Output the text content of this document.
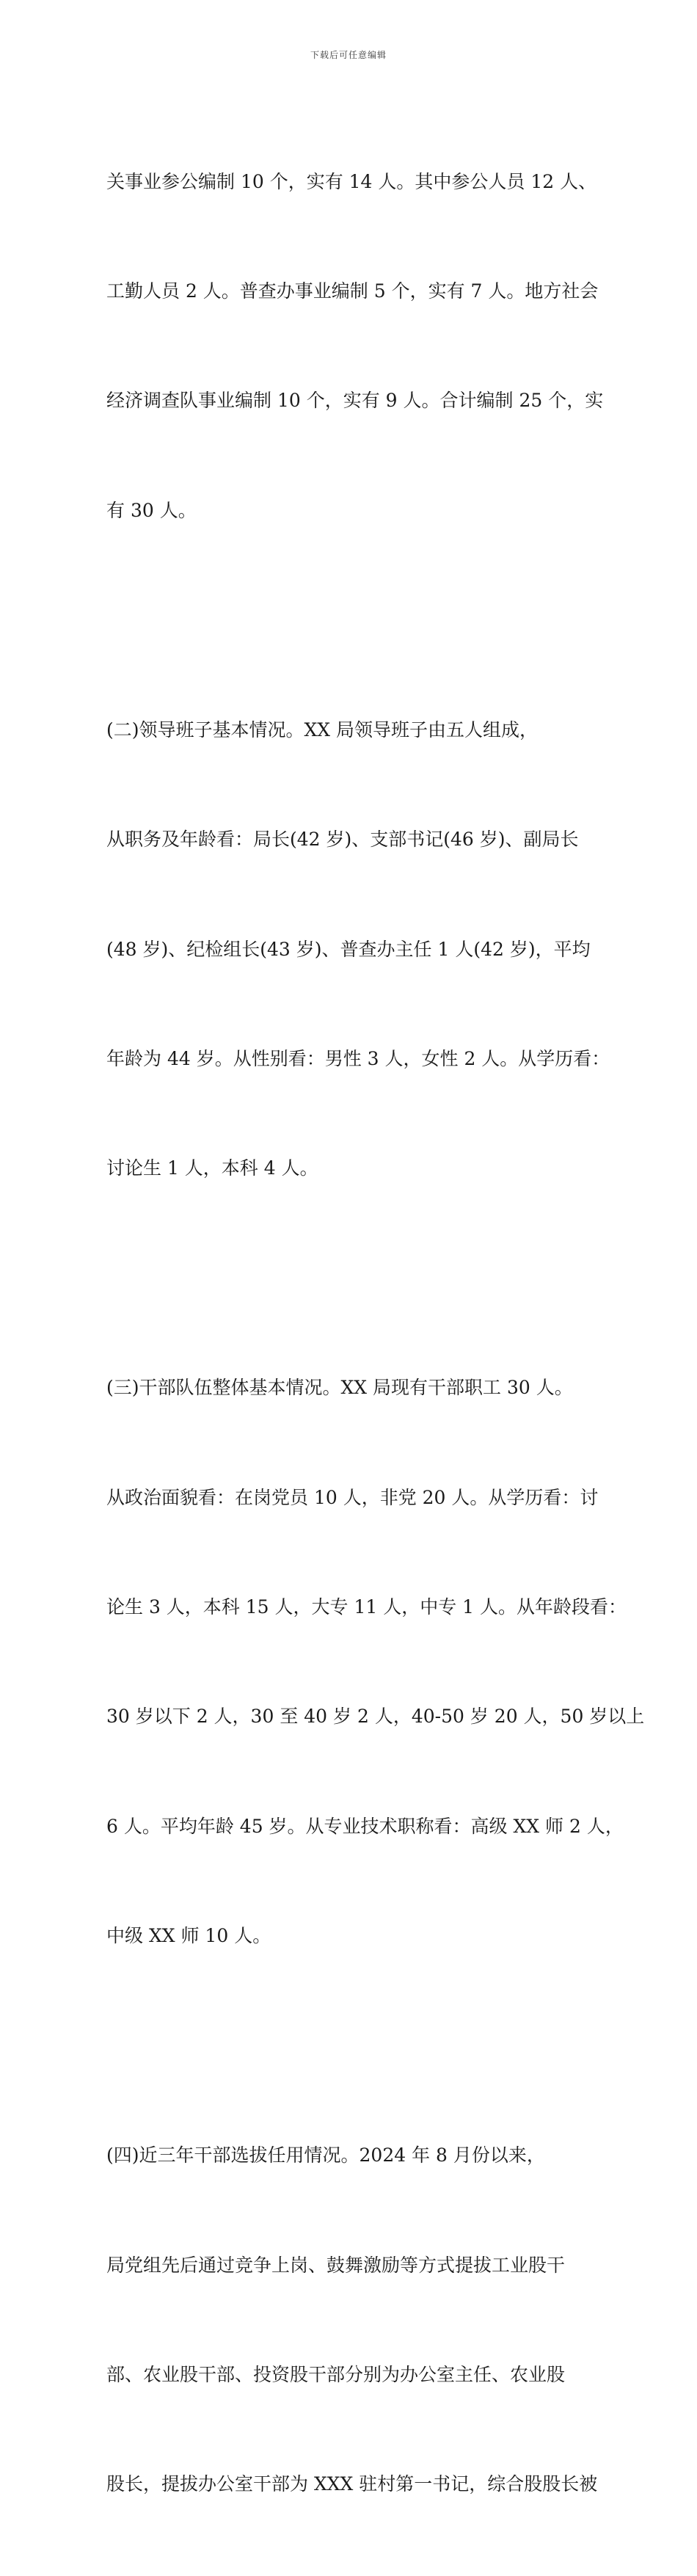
下载后可任意编辑

关事业参公编制 10 个，实有 14 人。其中参公人员 12 人、

工勤人员 2 人。普查办事业编制 5 个，实有 7 人。地方社会

经济调查队事业编制 10 个，实有 9 人。合计编制 25 个，实

有 30 人。

(二)领导班子基本情况。XX 局领导班子由五人组成，

从职务及年龄看：局长(42 岁)、支部书记(46 岁)、副局长

(48 岁)、纪检组长(43 岁)、普查办主任 1 人(42 岁)，平均

年龄为 44 岁。从性别看：男性 3 人，女性 2 人。从学历看：

讨论生 1 人，本科 4 人。

(三)干部队伍整体基本情况。XX 局现有干部职工 30 人。

从政治面貌看：在岗党员 10 人，非党 20 人。从学历看：讨

论生 3 人，本科 15 人，大专 11 人，中专 1 人。从年龄段看：

30 岁以下 2 人，30 至 40 岁 2 人，40-50 岁 20 人，50 岁以上

6 人。平均年龄 45 岁。从专业技术职称看：高级 XX 师 2 人，

中级 XX 师 10 人。

(四)近三年干部选拔任用情况。2024 年 8 月份以来，

局党组先后通过竞争上岗、鼓舞激励等方式提拔工业股干

部、农业股干部、投资股干部分别为办公室主任、农业股

股长，提拔办公室干部为 XXX 驻村第一书记，综合股股长被
